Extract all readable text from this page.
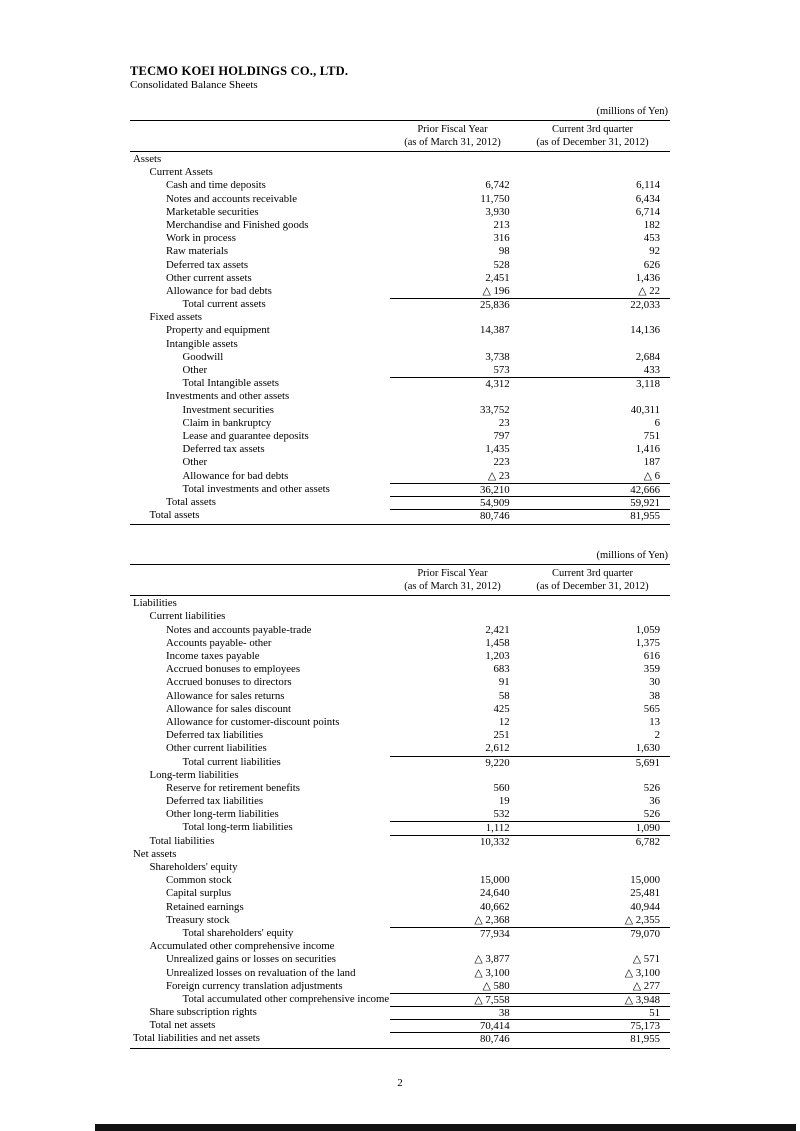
TECMO KOEI HOLDINGS CO., LTD.
Consolidated Balance Sheets
(millions of Yen)
Prior Fiscal Year
(as of March 31, 2012)
Current 3rd quarter
(as of December 31, 2012)
Assets
Current Assets
Cash and time deposits	6,742	6,114
Notes and accounts receivable	11,750	6,434
Marketable securities	3,930	6,714
Merchandise and Finished goods	213	182
Work in process	316	453
Raw materials	98	92
Deferred tax assets	528	626
Other current assets	2,451	1,436
Allowance for bad debts	△ 196	△ 22
Total current assets	25,836	22,033
Fixed assets
Property and equipment	14,387	14,136
Intangible assets
Goodwill	3,738	2,684
Other	573	433
Total Intangible assets	4,312	3,118
Investments and other assets
Investment securities	33,752	40,311
Claim in bankruptcy	23	6
Lease and guarantee deposits	797	751
Deferred tax assets	1,435	1,416
Other	223	187
Allowance for bad debts	△ 23	△ 6
Total investments and other assets	36,210	42,666
Total assets	54,909	59,921
Total assets	80,746	81,955
(millions of Yen)
Prior Fiscal Year
(as of March 31, 2012)
Current 3rd quarter
(as of December 31, 2012)
Liabilities
Current liabilities
Notes and accounts payable-trade	2,421	1,059
Accounts payable- other	1,458	1,375
Income taxes payable	1,203	616
Accrued bonuses to employees	683	359
Accrued bonuses to directors	91	30
Allowance for sales returns	58	38
Allowance for sales discount	425	565
Allowance for customer-discount points	12	13
Deferred tax liabilities	251	2
Other current liabilities	2,612	1,630
Total current liabilities	9,220	5,691
Long-term liabilities
Reserve for retirement benefits	560	526
Deferred tax liabilities	19	36
Other long-term liabilities	532	526
Total long-term liabilities	1,112	1,090
Total liabilities	10,332	6,782
Net assets
Shareholders' equity
Common stock	15,000	15,000
Capital surplus	24,640	25,481
Retained earnings	40,662	40,944
Treasury stock	△ 2,368	△ 2,355
Total shareholders' equity	77,934	79,070
Accumulated other comprehensive income
Unrealized gains or losses on securities	△ 3,877	△ 571
Unrealized losses on revaluation of the land	△ 3,100	△ 3,100
Foreign currency translation adjustments	△ 580	△ 277
Total accumulated other comprehensive income	△ 7,558	△ 3,948
Share subscription rights	38	51
Total net assets	70,414	75,173
Total liabilities and net assets	80,746	81,955
2
